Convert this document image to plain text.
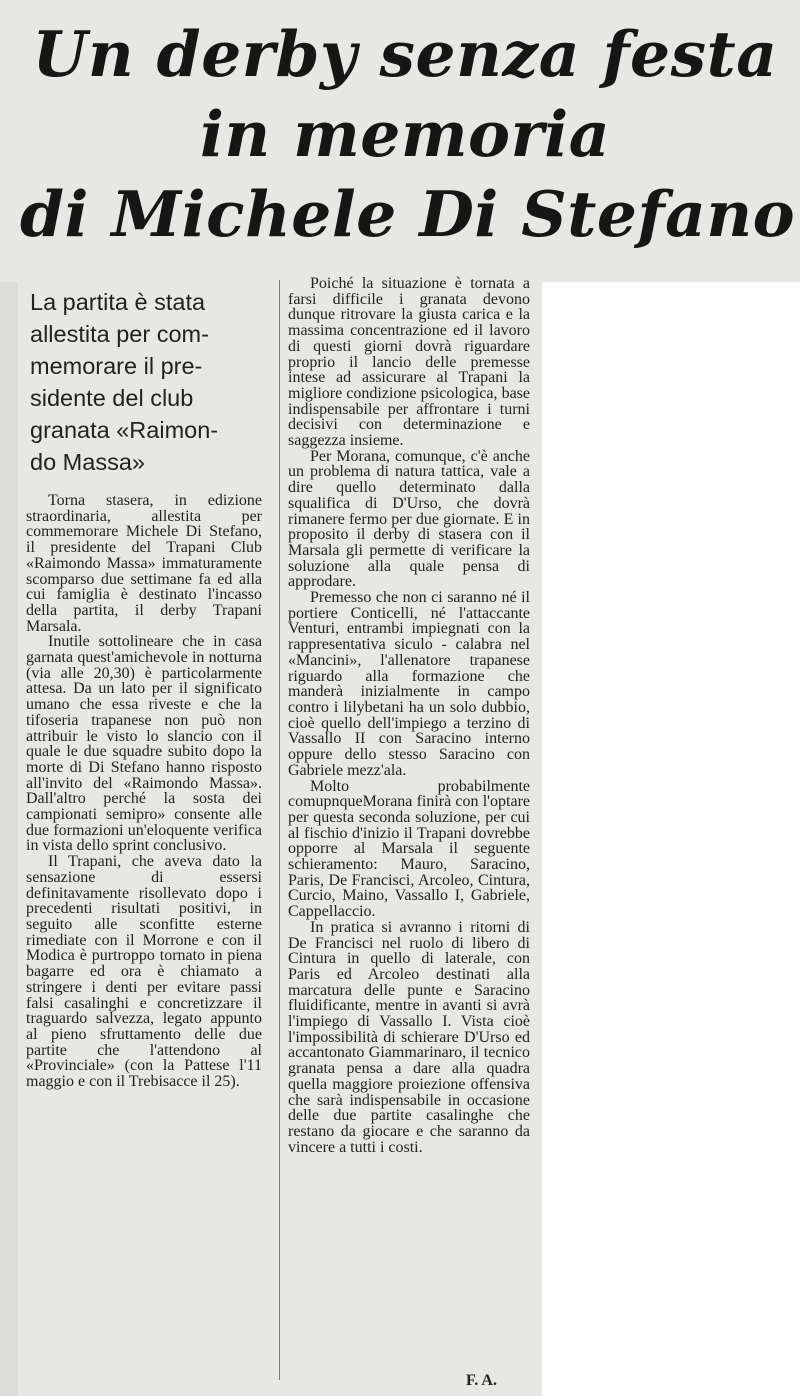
Un derby senza festa
in memoria
di Michele Di Stefano
La partita è stata
allestita per com-
memorare il pre-
sidente del club
granata «Raimon-
do Massa»

Torna stasera, in edizione straordinaria, allestita per commemorare Michele Di Stefano, il presidente del Trapani Club «Raimondo Massa» immaturamente scomparso due settimane fa ed alla cui famiglia è destinato l'incasso della partita, il derby Trapani Marsala.

Inutile sottolineare che in casa garnata quest'amichevole in notturna (via alle 20,30) è particolarmente attesa. Da un lato per il significato umano che essa riveste e che la tifoseria trapanese non può non attribuir le visto lo slancio con il quale le due squadre subito dopo la morte di Di Stefano hanno risposto all'invito del «Raimondo Massa». Dall'altro perché la sosta dei campionati semipro» consente alle due formazioni un'eloquente verifica in vista dello sprint conclusivo.

Il Trapani, che aveva dato la sensazione di essersi definitavamente risollevato dopo i precedenti risultati positivi, in seguito alle sconfitte esterne rimediate con il Morrone e con il Modica è purtroppo tornato in piena bagarre ed ora è chiamato a stringere i denti per evitare passi falsi casalinghi e concretizzare il traguardo salvezza, legato appunto al pieno sfruttamento delle due partite che l'attendono al «Provinciale» (con la Pattese l'11 maggio e con il Trebisacce il 25).

Poiché la situazione è tornata a farsi difficile i granata devono dunque ritrovare la giusta carica e la massima concentrazione ed il lavoro di questi giorni dovrà riguardare proprio il lancio delle premesse intese ad assicurare al Trapani la migliore condizione psicologica, base indispensabile per affrontare i turni decisivi con determinazione e saggezza insieme.

Per Morana, comunque, c'è anche un problema di natura tattica, vale a dire quello determinato dalla squalifica di D'Urso, che dovrà rimanere fermo per due giornate. E in proposito il derby di stasera con il Marsala gli permette di verificare la soluzione alla quale pensa di approdare.

Premesso che non ci saranno né il portiere Conticelli, né l'attaccante Venturi, entrambi impiegnati con la rappresentativa siculo - calabra nel «Mancini», l'allenatore trapanese riguardo alla formazione che manderà inizialmente in campo contro i lilybetani ha un solo dubbio, cioè quello dell'impiego a terzino di Vassallo II con Saracino interno oppure dello stesso Saracino con Gabriele mezz'ala.

Molto probabilmente comupnqueMorana finirà con l'optare per questa seconda soluzione, per cui al fischio d'inizio il Trapani dovrebbe opporre al Marsala il seguente schieramento: Mauro, Saracino, Paris, De Francisci, Arcoleo, Cintura, Curcio, Maino, Vassallo I, Gabriele, Cappellaccio.

In pratica si avranno i ritorni di De Francisci nel ruolo di libero di Cintura in quello di laterale, con Paris ed Arcoleo destinati alla marcatura delle punte e Saracino fluidificante, mentre in avanti si avrà l'impiego di Vassallo I. Vista cioè l'impossibilità di schierare D'Urso ed accantonato Giammarinaro, il tecnico granata pensa a dare alla quadra quella maggiore proiezione offensiva che sarà indispensabile in occasione delle due partite casalinghe che restano da giocare e che saranno da vincere a tutti i costi.

F. A.
